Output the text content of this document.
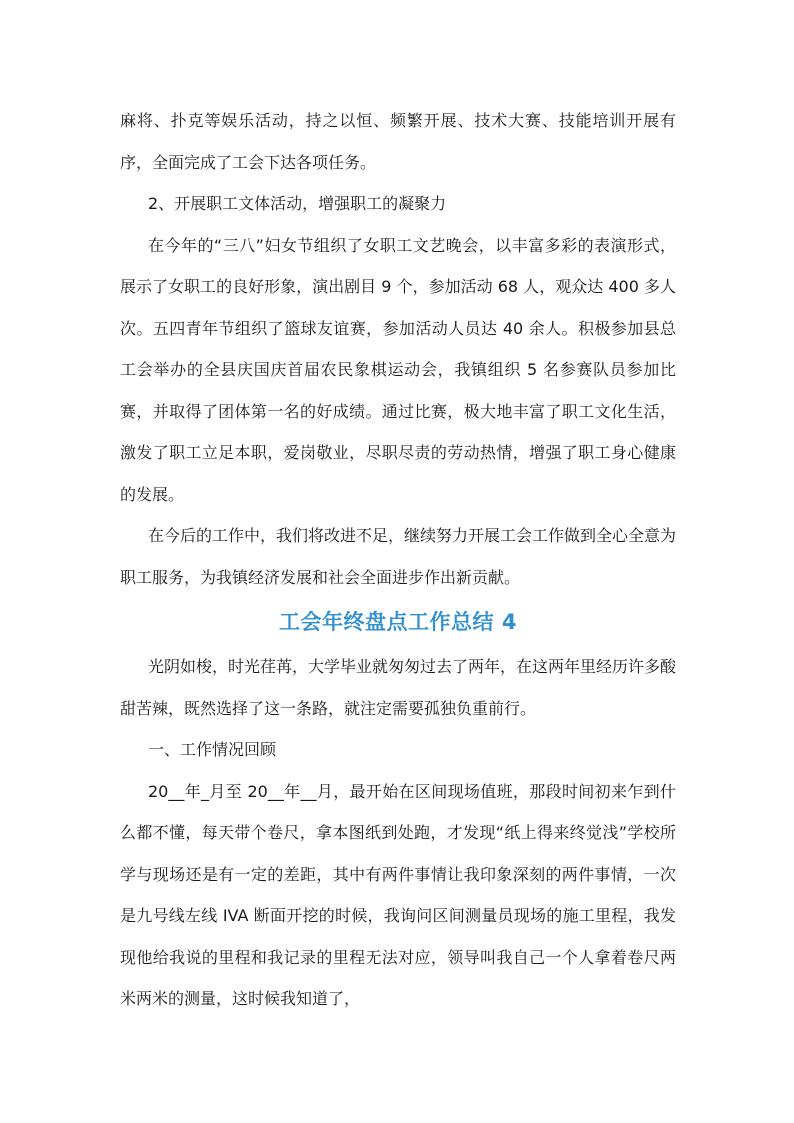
麻将、扑克等娱乐活动，持之以恒、频繁开展、技术大赛、技能培训开展有序，全面完成了工会下达各项任务。

2、开展职工文体活动，增强职工的凝聚力

在今年的“三八”妇女节组织了女职工文艺晚会，以丰富多彩的表演形式，展示了女职工的良好形象，演出剧目 9 个，参加活动 68 人，观众达 400 多人次。五四青年节组织了篮球友谊赛，参加活动人员达 40 余人。积极参加县总工会举办的全县庆国庆首届农民象棋运动会，我镇组织 5 名参赛队员参加比赛，并取得了团体第一名的好成绩。通过比赛，极大地丰富了职工文化生活，激发了职工立足本职，爱岗敬业，尽职尽责的劳动热情，增强了职工身心健康的发展。

在今后的工作中，我们将改进不足，继续努力开展工会工作做到全心全意为职工服务，为我镇经济发展和社会全面进步作出新贡献。

工会年终盘点工作总结 4

光阴如梭，时光荏苒，大学毕业就匆匆过去了两年，在这两年里经历许多酸甜苦辣，既然选择了这一条路，就注定需要孤独负重前行。

一、工作情况回顾

20__年_月至 20__年__月，最开始在区间现场值班，那段时间初来乍到什么都不懂，每天带个卷尺，拿本图纸到处跑，才发现“纸上得来终觉浅”学校所学与现场还是有一定的差距，其中有两件事情让我印象深刻的两件事情，一次是九号线左线 IVA 断面开挖的时候，我询问区间测量员现场的施工里程，我发现他给我说的里程和我记录的里程无法对应，领导叫我自己一个人拿着卷尺两米两米的测量，这时候我知道了，
